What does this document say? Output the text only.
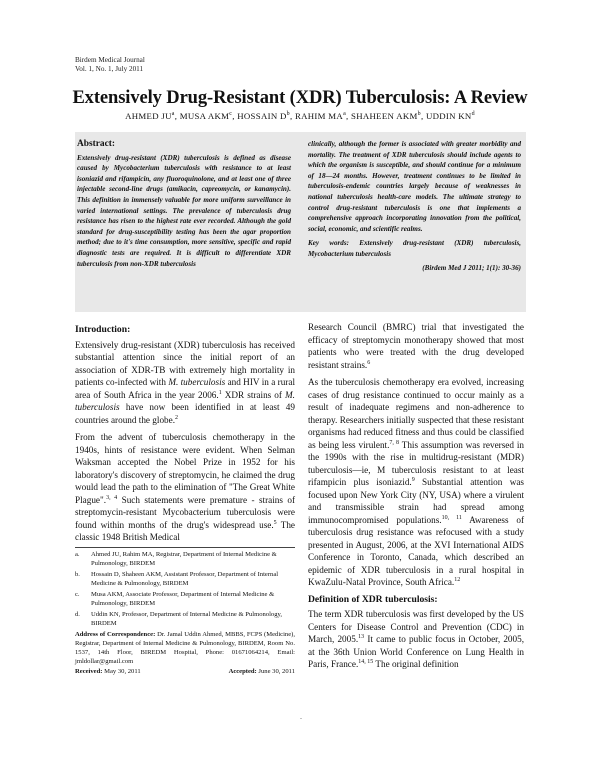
Birdem Medical Journal
Vol. 1, No. 1, July 2011
Extensively Drug-Resistant (XDR) Tuberculosis: A Review
AHMED $JU^a$, MUSA AKM$^c$, HOSSAIN $D^b$, RAHIM $MA^a$, SHAHEEN AKM$^b$, UDDIN $KN^d$
Abstract:
Extensively drug-resistant (XDR) tuberculosis is defined as disease caused by Mycobacterium tuberculosis with resistance to at least isoniazid and rifampicin, any fluoroquinolone, and at least one of three injectable second-line drugs (amikacin, capreomycin, or kanamycin). This definition in immensely valuable for more uniform surveillance in varied international settings. The prevalence of tuberculosis drug resistance has risen to the highest rate ever recorded. Although the gold standard for drug-susceptibility testing has been the agar proportion method; due to it's time consumption, more sensitive, specific and rapid diagnostic tests are required. It is difficult to differentiate XDR tuberculosis from non-XDR tuberculosis
clinically, although the former is associated with greater morbidity and mortality. The treatment of XDR tuberculosis should include agents to which the organism is susceptible, and should continue for a minimum of 18—24 months. However, treatment continues to be limited in tuberculosis-endemic countries largely because of weaknesses in national tuberculosis health-care models. The ultimate strategy to control drug-resistant tuberculosis is one that implements a comprehensive approach incorporating innovation from the political, social, economic, and scientific realms.
Key words: Extensively drug-resistant (XDR) tuberculosis, Mycobacterium tuberculosis
(Birdem Med J 2011; 1(1): 30-36)
Introduction:

Extensively drug-resistant (XDR) tuberculosis has received substantial attention since the initial report of an association of XDR-TB with extremely high mortality in patients co-infected with M. tuberculosis and HIV in a rural area of South Africa in the year 2006.$^1$ XDR strains of M. tuberculosis have now been identified in at least 49 countries around the globe.$^2$

From the advent of tuberculosis chemotherapy in the 1940s, hints of resistance were evident. When Selman Waksman accepted the Nobel Prize in 1952 for his laboratory's discovery of streptomycin, he claimed the drug would lead the path to the elimination of "The Great White Plague".$^{3, 4}$ Such statements were premature - strains of streptomycin-resistant Mycobacterium tuberculosis were found within months of the drug's widespread use.$^5$ The classic 1948 British Medical

a.	Ahmed JU, Rahim MA, Registrar, Department of Internal Medicine & Pulmonology, BIRDEM
b.	Hossain D, Shaheen AKM, Assistant Professor, Department of Internal Medicine & Pulmonology, BIRDEM
c.	Musa AKM, Associate Professor, Department of Internal Medicine & Pulmonology, BIRDEM
d.	Uddin KN, Professor, Department of Internal Medicine & Pulmonology, BIRDEM
Address of Correspondence: Dr. Jamal Uddin Ahmed, MBBS, FCPS (Medicine), Registrar, Department of Internal Medicine & Pulmonology, BIRDEM, Room No. 1537, 14th Floor, BIREDM Hospital, Phone: 01671064214, Email: jmldollar@gmail.com
Received: May 30, 2011	Accepted: June 30, 2011

Research Council (BMRC) trial that investigated the efficacy of streptomycin monotherapy showed that most patients who were treated with the drug developed resistant strains.$^6$

As the tuberculosis chemotherapy era evolved, increasing cases of drug resistance continued to occur mainly as a result of inadequate regimens and non-adherence to therapy. Researchers initially suspected that these resistant organisms had reduced fitness and thus could be classified as being less virulent.$^{7, 8}$ This assumption was reversed in the 1990s with the rise in multidrug-resistant (MDR) tuberculosis—ie, M tuberculosis resistant to at least rifampicin plus isoniazid.$^9$ Substantial attention was focused upon New York City (NY, USA) where a virulent and transmissible strain had spread among immunocompromised populations.$^{10, 11}$ Awareness of tuberculosis drug resistance was refocused with a study presented in August, 2006, at the XVI International AIDS Conference in Toronto, Canada, which described an epidemic of XDR tuberculosis in a rural hospital in KwaZulu-Natal Province, South Africa.$^{12}$

Definition of XDR tuberculosis:

The term XDR tuberculosis was first developed by the US Centers for Disease Control and Prevention (CDC) in March, 2005.13 It came to public focus in October, 2005, at the 36th Union World Conference on Lung Health in Paris, France.$^{14, 15}$ The original definition

.
